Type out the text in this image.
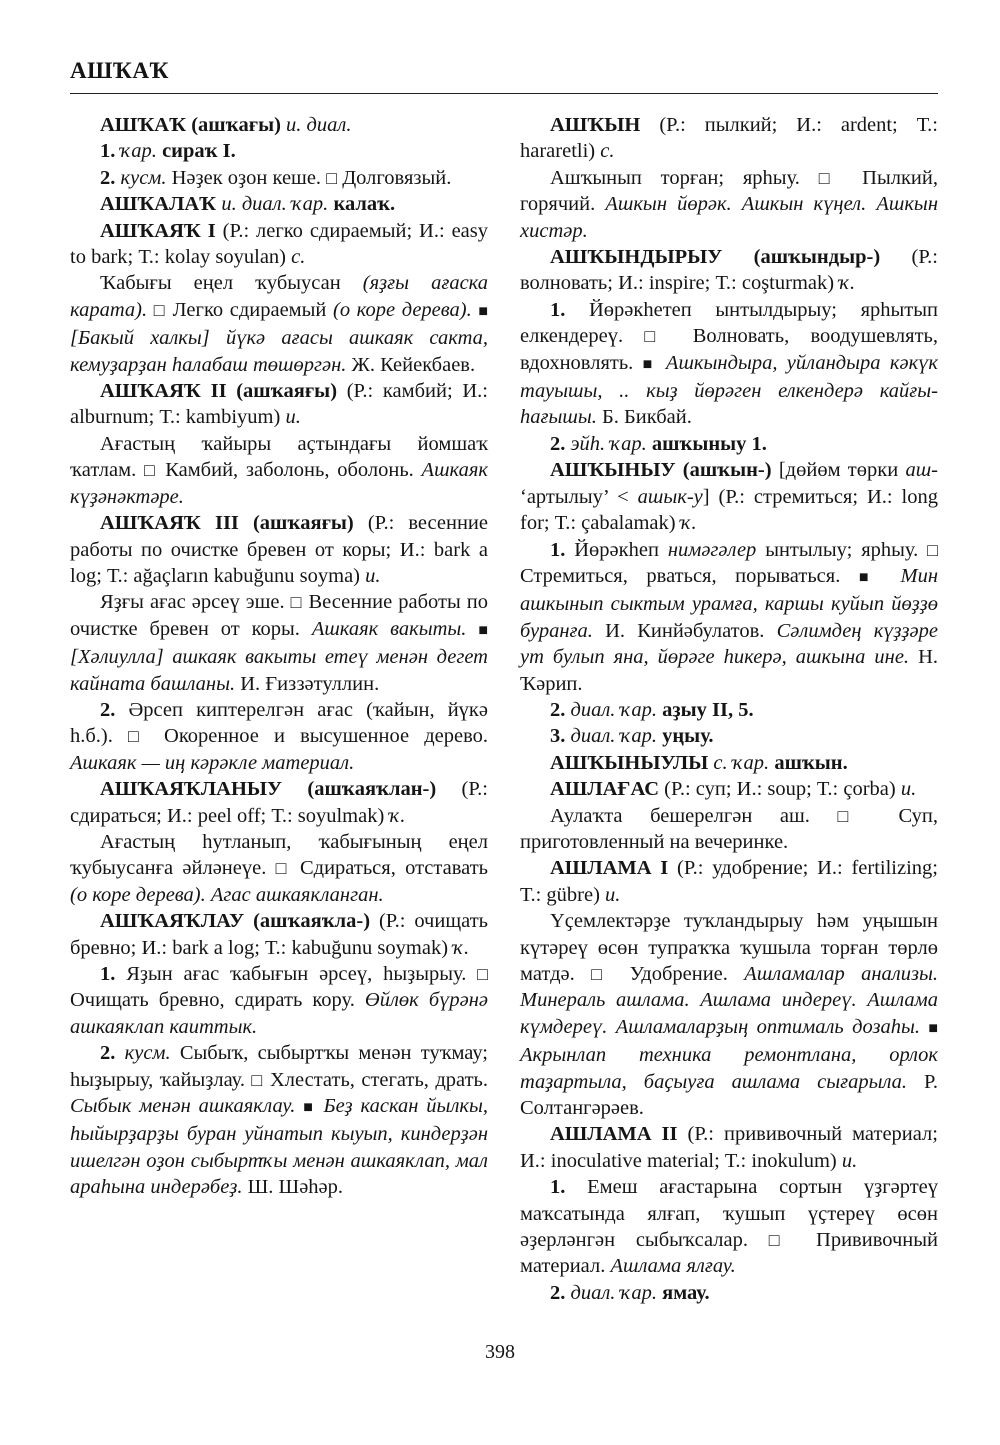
АШҠАҠ

АШҠАҠ (ашҡағы) и. диал.

1. ҡар. сираҡ I.

2. кусм. Нәҙек оҙон кеше. □ Долговязый.

АШҠАЛАҠ и. диал. ҡар. калаҡ.

АШҠАЯҠ I (Р.: легко сдираемый; И.: easy to bark; Т.: kolay soyulan) с.

Ҡабығы еңел ҡубыусан (яҙғы ағаска карата). □ Легко сдираемый (о коре дерева). ■ [Бакый халкы] йүкә ағасы ашкаяк сакта, кемуҙарҙан һалабаш төшөргән. Ж. Кейекбаев.

АШҠАЯҠ II (ашҡаяғы) (Р.: камбий; И.: alburnum; Т.: kambiyum) и.

Ағастың ҡайыры аҫтындағы йомшаҡ ҡатлам. □ Камбий, заболонь, оболонь. Ашкаяк күҙәнәктәре.

АШҠАЯҠ III (ашҡаяғы) (Р.: весенние работы по очистке бревен от коры; И.: bark a log; Т.: ağaçların kabuğunu soyma) и.

Яҙғы ағас әрсеү эше. □ Весенние работы по очистке бревен от коры. Ашкаяк вакыты. ■ [Хәлиулла] ашкаяк вакыты етеү менән дегет кайната башланы. И. Ғиззәтуллин.

2. Әрсеп киптерелгән ағас (ҡайын, йүкә һ.б.). □ Окоренное и высушенное дерево. Ашкаяк — иң кәрәкле материал.

АШҠАЯҠЛАНЫУ (ашҡаяҡлан-) (Р.: сдираться; И.: peel off; Т.: soyulmak) ҡ.

Ағастың һутланып, ҡабығының еңел ҡубыусанға әйләнеүе. □ Сдираться, отставать (о коре дерева). Агас ашкаякланган.

АШҠАЯҠЛАУ (ашҡаяҡла-) (Р.: очищать бревно; И.: bark a log; Т.: kabuğunu soymak) ҡ.

1. Яҙын ағас ҡабығын әрсеү, һыҙырыу. □ Очищать бревно, сдирать кору. Өйлөк бүрәнә ашкаяклап каиттык.

2. кусм. Сыбыҡ, сыбыртҡы менән туҡмау; һыҙырыу, ҡайыҙлау. □ Хлестать, стегать, драть. Сыбык менән ашкаяклау. ■ Беҙ каскан йылкы, һыйырҙарҙы буран уйнатып кыуып, киндерҙән ишелгән оҙон сыбыртҡы менән ашкаяклап, мал араһына индерәбеҙ. Ш. Шәһәр.

АШҠЫН (Р.: пылкий; И.: ardent; Т.: hararetli) с.

Ашҡынып торған; ярһыу. □ Пылкий, горячий. Ашкын йөрәк. Ашкын күңел. Ашкын хистәр.

АШҠЫНДЫРЫУ (ашҡындыр-) (Р.: волновать; И.: inspire; Т.: coşturmak) ҡ.

1. Йөрәкһетеп ынтылдырыу; ярһытып елкендереү. □ Волновать, воодушевлять, вдохновлять. ■ Ашкындыра, уйландыра кәкүк тауышы, .. кыҙ йөрәген елкендерә кайғы-һағышы. Б. Бикбай.

2. эйһ. ҡар. ашҡыныу 1.

АШҠЫНЫУ (ашҡын-) [дөйөм төрки аш- ‘артылыу’ < ашык-у] (Р.: стремиться; И.: long for; Т.: çabalamak) ҡ.

1. Йөрәкһеп нимәгәлер ынтылыу; ярһыу. □ Стремиться, рваться, порываться. ■ Мин ашкынып сыктым урамға, каршы куйып йөҙҙө буранға. И. Кинйәбулатов. Сәлимдең күҙҙәре ут булып яна, йөрәге һикерә, ашкына ине. Н. Ҡәрип.

2. диал. ҡар. аҙыу II, 5.

3. диал. ҡар. уңыу.

АШҠЫНЫУЛЫ с. ҡар. ашҡын.

АШЛАҒАС (Р.: суп; И.: soup; Т.: çorba) и.

Аулаҡта бешерелгән аш. □ Суп, приготовленный на вечеринке.

АШЛАМА I (Р.: удобрение; И.: fertilizing; Т.: gübre) и.

Үҫемлектәрҙе туҡландырыу һәм уңышын күтәреү өсөн тупраҡҡа ҡушыла торған төрлө матдә. □ Удобрение. Ашламалар анализы. Минераль ашлама. Ашлама индереү. Ашлама күмдереү. Ашламаларҙың оптималь дозаһы. ■ Акрынлап техника ремонтлана, орлок таҙартыла, баҫыуға ашлама сығарыла. Р. Солтангәрәев.

АШЛАМА II (Р.: прививочный материал; И.: inoculative material; Т.: inokulum) и.

1. Емеш ағастарына сортын үҙгәртеү маҡсатында ялғап, ҡушып үҫтереү өсөн әҙерләнгән сыбыҡсалар. □ Прививочный материал. Ашлама ялғау.

2. диал. ҡар. ямау.

398
